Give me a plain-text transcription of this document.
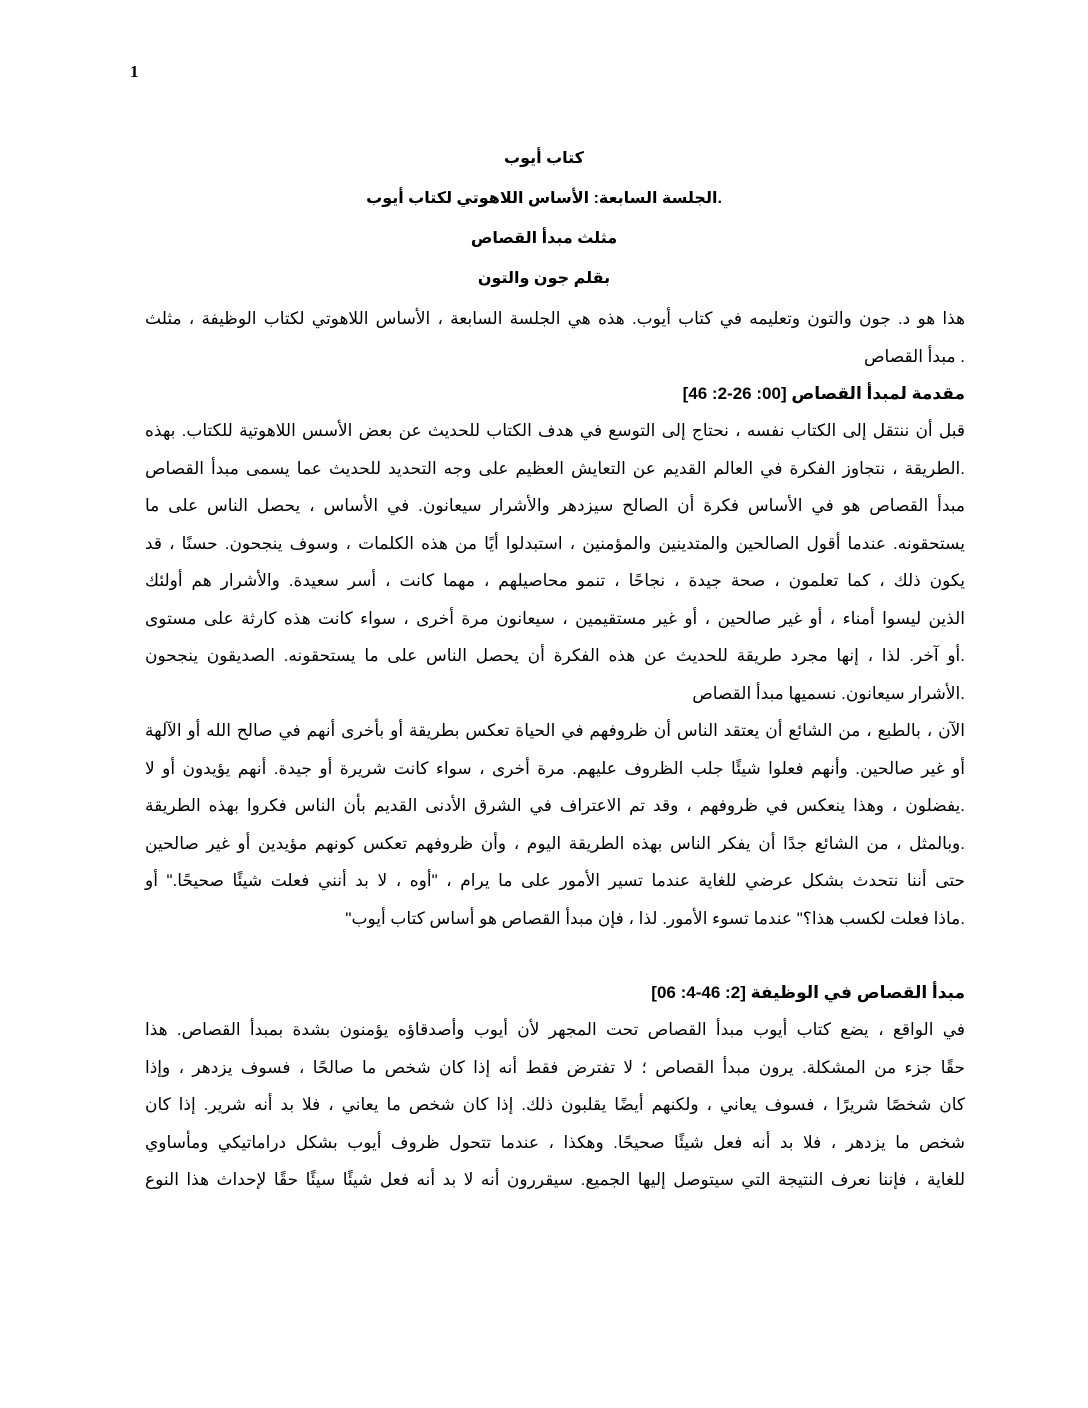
1
كتاب أيوب
.الجلسة السابعة: الأساس اللاهوتي لكتاب أيوب
مثلث مبدأ القصاص
بقلم جون والتون
هذا هو د. جون والتون وتعليمه في كتاب أيوب. هذه هي الجلسة السابعة ، الأساس اللاهوتي لكتاب الوظيفة ، مثلث
. مبدأ القصاص
مقدمة لمبدأ القصاص [00: 26-2: 46]
قبل أن ننتقل إلى الكتاب نفسه ، نحتاج إلى التوسع في هدف الكتاب للحديث عن بعض الأسس اللاهوتية للكتاب. بهذه
.الطريقة ، نتجاوز الفكرة في العالم القديم عن التعايش العظيم على وجه التحديد للحديث عما يسمى مبدأ القصاص
مبدأ القصاص هو في الأساس فكرة أن الصالح سيزدهر والأشرار سيعانون. في الأساس ، يحصل الناس على ما
يستحقونه. عندما أقول الصالحين والمتدينين والمؤمنين ، استبدلوا أيًا من هذه الكلمات ، وسوف ينجحون. حسنًا ، قد
يكون ذلك ، كما تعلمون ، صحة جيدة ، نجاحًا ، تنمو محاصيلهم ، مهما كانت ، أسر سعيدة. والأشرار هم أولئك
الذين ليسوا أمناء ، أو غير صالحين ، أو غير مستقيمين ، سيعانون مرة أخرى ، سواء كانت هذه كارثة على مستوى
.أو آخر. لذا ، إنها مجرد طريقة للحديث عن هذه الفكرة أن يحصل الناس على ما يستحقونه. الصديقون ينجحون
.الأشرار سيعانون. نسميها مبدأ القصاص
الآن ، بالطبع ، من الشائع أن يعتقد الناس أن ظروفهم في الحياة تعكس بطريقة أو بأخرى أنهم في صالح الله أو الآلهة
أو غير صالحين. وأنهم فعلوا شيئًا جلب الظروف عليهم. مرة أخرى ، سواء كانت شريرة أو جيدة. أنهم يؤيدون أو لا
.يفضلون ، وهذا ينعكس في ظروفهم ، وقد تم الاعتراف في الشرق الأدنى القديم بأن الناس فكروا بهذه الطريقة
.وبالمثل ، من الشائع جدًا أن يفكر الناس بهذه الطريقة اليوم ، وأن ظروفهم تعكس كونهم مؤيدين أو غير صالحين
حتى أننا نتحدث بشكل عرضي للغاية عندما تسير الأمور على ما يرام ، "أوه ، لا بد أنني فعلت شيئًا صحيحًا." أو
.ماذا فعلت لكسب هذا؟" عندما تسوء الأمور. لذا ، فإن مبدأ القصاص هو أساس كتاب أيوب"
مبدأ القصاص في الوظيفة [2: 46-4: 06]
في الواقع ، يضع كتاب أيوب مبدأ القصاص تحت المجهر لأن أيوب وأصدقاؤه يؤمنون بشدة بمبدأ القصاص. هذا
حقًا جزء من المشكلة. يرون مبدأ القصاص ؛ لا تفترض فقط أنه إذا كان شخص ما صالحًا ، فسوف يزدهر ، وإذا
كان شخصًا شريرًا ، فسوف يعاني ، ولكنهم أيضًا يقلبون ذلك. إذا كان شخص ما يعاني ، فلا بد أنه شرير. إذا كان
شخص ما يزدهر ، فلا بد أنه فعل شيئًا صحيحًا. وهكذا ، عندما تتحول ظروف أيوب بشكل دراماتيكي ومأساوي
للغاية ، فإننا نعرف النتيجة التي سيتوصل إليها الجميع. سيقررون أنه لا بد أنه فعل شيئًا سيئًا حقًا لإحداث هذا النوع
